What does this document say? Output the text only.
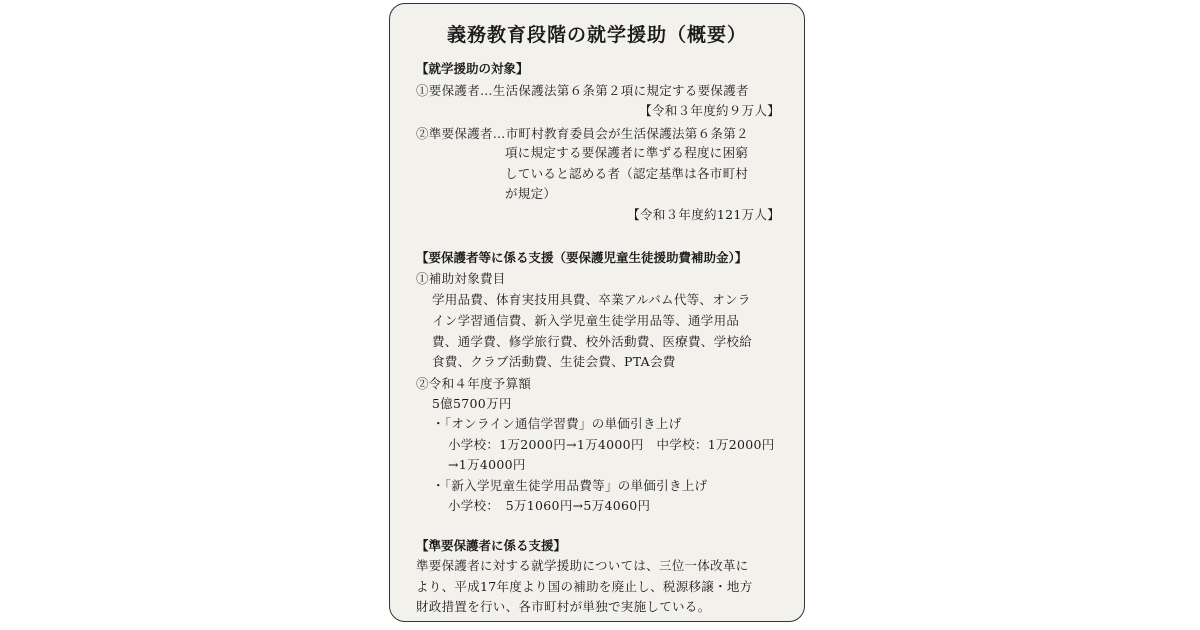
義務教育段階の就学援助（概要）
【就学援助の対象】
①要保護者…生活保護法第６条第２項に規定する要保護者
【令和３年度約９万人】
②準要保護者…市町村教育委員会が生活保護法第６条第２
項に規定する要保護者に準ずる程度に困窮
していると認める者（認定基準は各市町村
が規定）
【令和３年度約121万人】
【要保護者等に係る支援（要保護児童生徒援助費補助金）】
①補助対象費目
学用品費、体育実技用具費、卒業アルバム代等、オンラ
イン学習通信費、新入学児童生徒学用品等、通学用品
費、通学費、修学旅行費、校外活動費、医療費、学校給
食費、クラブ活動費、生徒会費、PTA会費
②令和４年度予算額
5億5700万円
・「オンライン通信学習費」の単価引き上げ
小学校：1万2000円→1万4000円　中学校：1万2000円
→1万4000円
・「新入学児童生徒学用品費等」の単価引き上げ
小学校：　5万1060円→5万4060円
【準要保護者に係る支援】
準要保護者に対する就学援助については、三位一体改革に
より、平成17年度より国の補助を廃止し、税源移譲・地方
財政措置を行い、各市町村が単独で実施している。
